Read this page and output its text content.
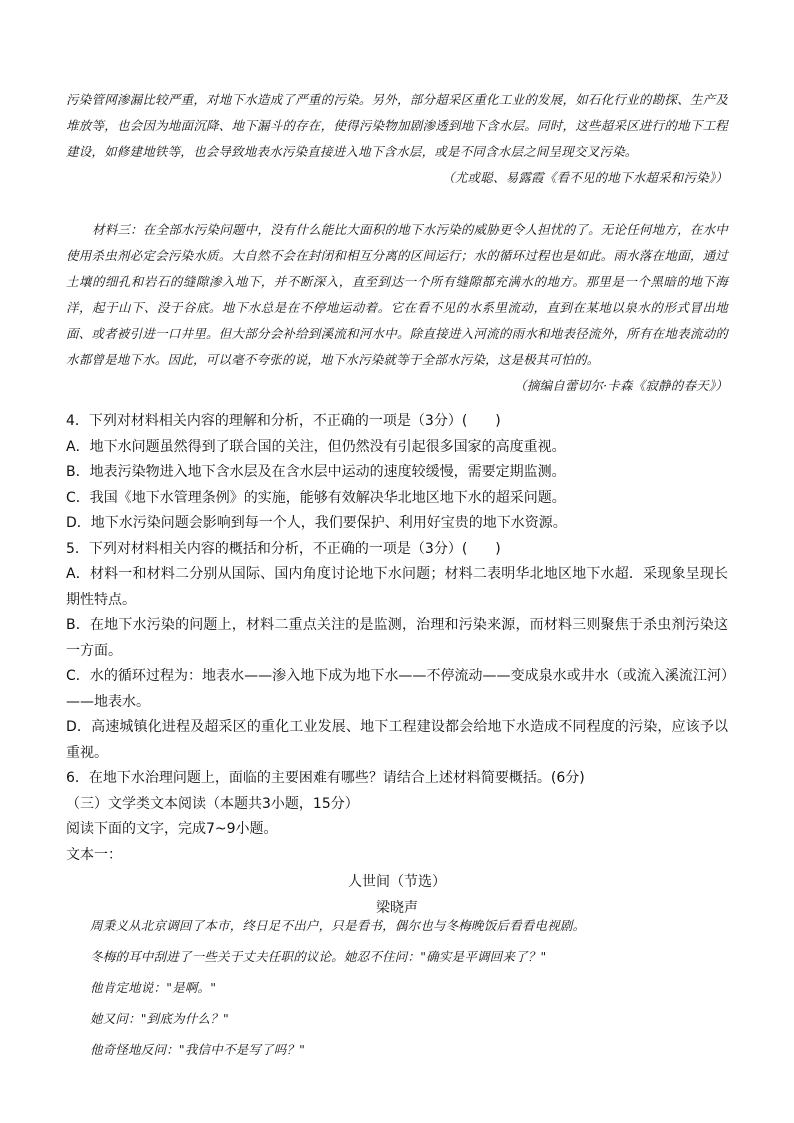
污染管网渗漏比较严重，对地下水造成了严重的污染。另外，部分超采区重化工业的发展，如石化行业的勘探、生产及堆放等，也会因为地面沉降、地下漏斗的存在，使得污染物加剧渗透到地下含水层。同时，这些超采区进行的地下工程建设，如修建地铁等，也会导致地表水污染直接进入地下含水层，或是不同含水层之间呈现交叉污染。

（尤或聪、易露霞《看不见的地下水超采和污染》）

材料三：在全部水污染问题中，没有什么能比大面积的地下水污染的威胁更令人担忧的了。无论任何地方，在水中使用杀虫剂必定会污染水质。大自然不会在封闭和相互分离的区间运行；水的循环过程也是如此。雨水落在地面，通过土壤的细孔和岩石的缝隙渗入地下，并不断深入，直至到达一个所有缝隙都充满水的地方。那里是一个黑暗的地下海洋，起于山下、没于谷底。地下水总是在不停地运动着。它在看不见的水系里流动，直到在某地以泉水的形式冒出地面、或者被引进一口井里。但大部分会补给到溪流和河水中。除直接进入河流的雨水和地表径流外，所有在地表流动的水都曾是地下水。因此，可以毫不夸张的说，地下水污染就等于全部水污染，这是极其可怕的。

（摘编自蕾切尔·卡森《寂静的春天》）

4．下列对材料相关内容的理解和分析，不正确的一项是（3分）(　　)

A．地下水问题虽然得到了联合国的关注，但仍然没有引起很多国家的高度重视。

B．地表污染物进入地下含水层及在含水层中运动的速度较缓慢，需要定期监测。

C．我国《地下水管理条例》的实施，能够有效解决华北地区地下水的超采问题。

D．地下水污染问题会影响到每一个人，我们要保护、利用好宝贵的地下水资源。

5．下列对材料相关内容的概括和分析，不正确的一项是（3分）(　　)

A．材料一和材料二分别从国际、国内角度讨论地下水问题；材料二表明华北地区地下水超．采现象呈现长期性特点。

B．在地下水污染的问题上，材料二重点关注的是监测，治理和污染来源，而材料三则聚焦于杀虫剂污染这一方面。

C．水的循环过程为：地表水——渗入地下成为地下水——不停流动——变成泉水或井水（或流入溪流江河）——地表水。

D．高速城镇化进程及超采区的重化工业发展、地下工程建设都会给地下水造成不同程度的污染，应该予以重视。

6．在地下水治理问题上，面临的主要困难有哪些？请结合上述材料简要概括。(6分)

（三）文学类文本阅读（本题共3小题，15分）

阅读下面的文字，完成7~9小题。

文本一：

人世间（节选）

梁晓声

周秉义从北京调回了本市，终日足不出户，只是看书，偶尔也与冬梅晚饭后看看电视剧。

冬梅的耳中刮进了一些关于丈夫任职的议论。她忍不住问："确实是平调回来了？"

他肯定地说："是啊。"

她又问："到底为什么？"

他奇怪地反问："我信中不是写了吗？"
